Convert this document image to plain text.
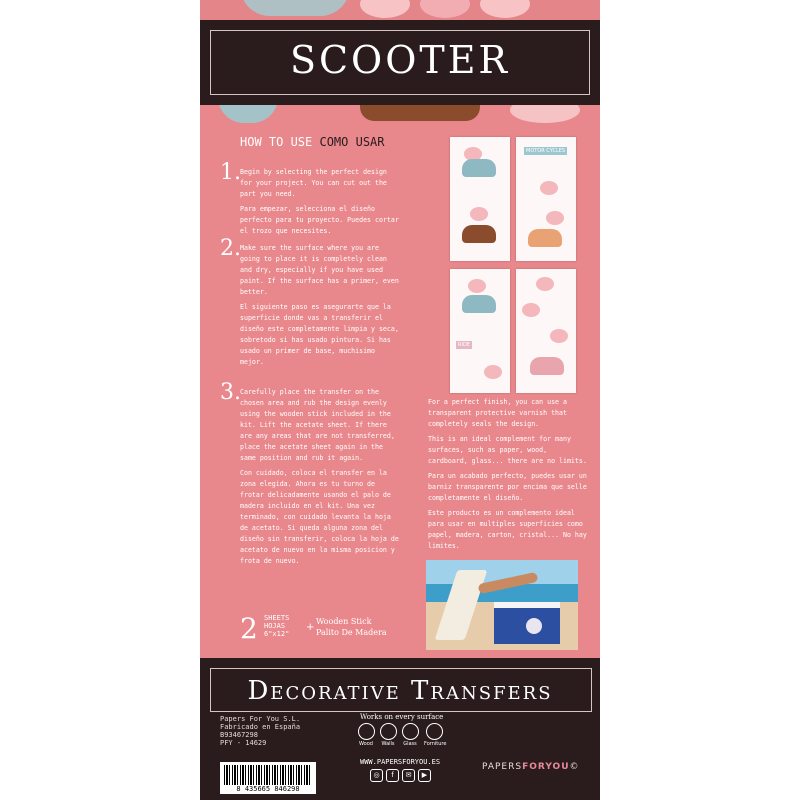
SCOOTER
HOW TO USE COMO USAR
1. Begin by selecting the perfect design for your project. You can cut out the part you need.

Para empezar, selecciona el diseño perfecto para tu proyecto. Puedes cortar el trozo que necesites.

2. Make sure the surface where you are going to place it is completely clean and dry, especially if you have used paint. If the surface has a primer, even better.

El siguiente paso es asegurarte que la superficie donde vas a transferir el diseño este completamente limpia y seca, sobretodo si has usado pintura. Si has usado un primer de base, muchisimo mejor.

3. Carefully place the transfer on the chosen area and rub the design evenly using the wooden stick included in the kit. Lift the acetate sheet. If there are any areas that are not transferred, place the acetate sheet again in the same position and rub it again.

Con cuidado, coloca el transfer en la zona elegida. Ahora es tu turno de frotar delicadamente usando el palo de madera incluido en el kit. Una vez terminado, con cuidado levanta la hoja de acetato. Si queda alguna zona del diseño sin transferir, coloca la hoja de acetato de nuevo en la misma posicion y frota de nuevo.

MOTOR CYCLES
RIDE

For a perfect finish, you can use a transparent protective varnish that completely seals the design.

This is an ideal complement for many surfaces, such as paper, wood, cardboard, glass... there are no limits.

Para un acabado perfecto, puedes usar un barniz transparente por encima que selle completamente el diseño.

Este producto es un complemento ideal para usar en multiples superficies como papel, madera, carton, cristal... No hay limites.

2 SHEETS
HOJAS
6"x12"
+
Wooden Stick
Palito De Madera
Decorative Transfers
Papers For You S.L.
Fabricado en España
B93467298
PFY - 14629
Works on every surface
Wood	Walls	Glass	Forniture
8 435665 846298
WWW.PAPERSFORYOU.ES
◎	f	✉	▶
PAPERSFORYOU©
